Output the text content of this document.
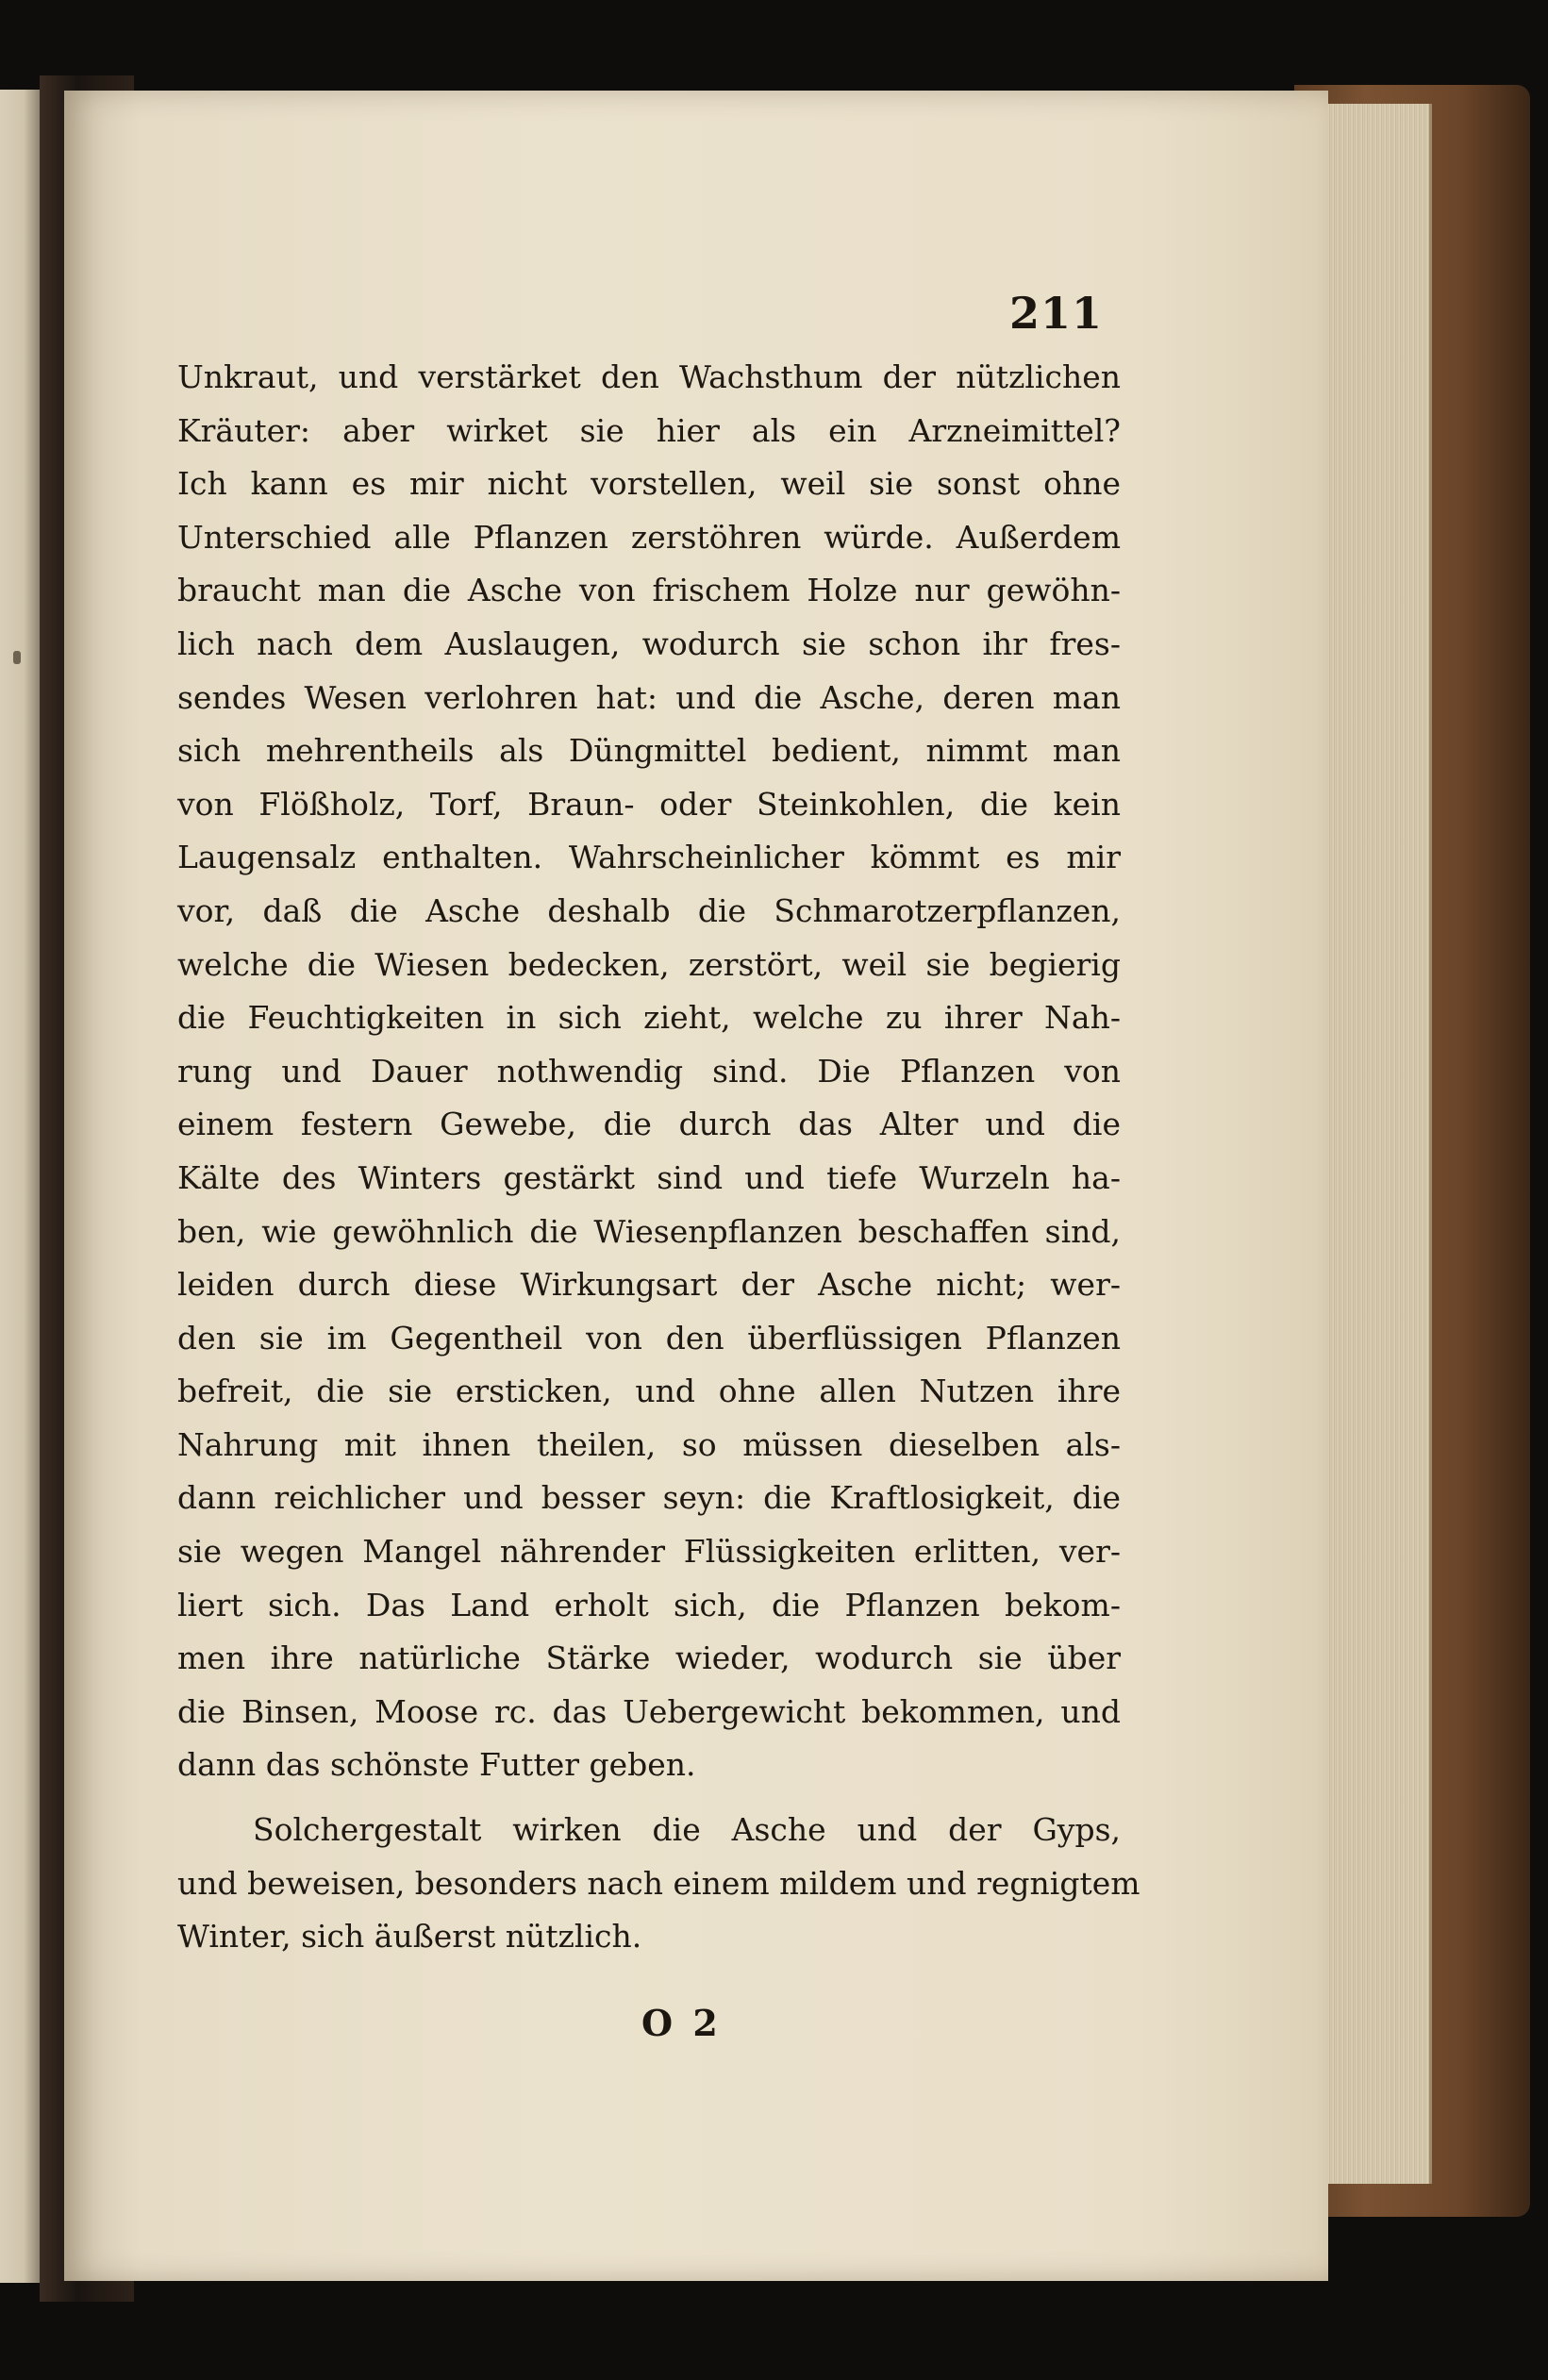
211
Unkraut, und verstärket den Wachsthum der nützlichen
Kräuter: aber wirket sie hier als ein Arzneimittel?
Ich kann es mir nicht vorstellen, weil sie sonst ohne
Unterschied alle Pflanzen zerstöhren würde. Außerdem
braucht man die Asche von frischem Holze nur gewöhn-
lich nach dem Auslaugen, wodurch sie schon ihr fres-
sendes Wesen verlohren hat: und die Asche, deren man
sich mehrentheils als Düngmittel bedient, nimmt man
von Flößholz, Torf, Braun- oder Steinkohlen, die kein
Laugensalz enthalten. Wahrscheinlicher kömmt es mir
vor, daß die Asche deshalb die Schmarotzerpflanzen,
welche die Wiesen bedecken, zerstört, weil sie begierig
die Feuchtigkeiten in sich zieht, welche zu ihrer Nah-
rung und Dauer nothwendig sind. Die Pflanzen von
einem festern Gewebe, die durch das Alter und die
Kälte des Winters gestärkt sind und tiefe Wurzeln ha-
ben, wie gewöhnlich die Wiesenpflanzen beschaffen sind,
leiden durch diese Wirkungsart der Asche nicht; wer-
den sie im Gegentheil von den überflüssigen Pflanzen
befreit, die sie ersticken, und ohne allen Nutzen ihre
Nahrung mit ihnen theilen, so müssen dieselben als-
dann reichlicher und besser seyn: die Kraftlosigkeit, die
sie wegen Mangel nährender Flüssigkeiten erlitten, ver-
liert sich. Das Land erholt sich, die Pflanzen bekom-
men ihre natürliche Stärke wieder, wodurch sie über
die Binsen, Moose rc. das Uebergewicht bekommen, und
dann das schönste Futter geben.
Solchergestalt wirken die Asche und der Gyps,
und beweisen, besonders nach einem mildem und regnigtem
Winter, sich äußerst nützlich.
O 2
